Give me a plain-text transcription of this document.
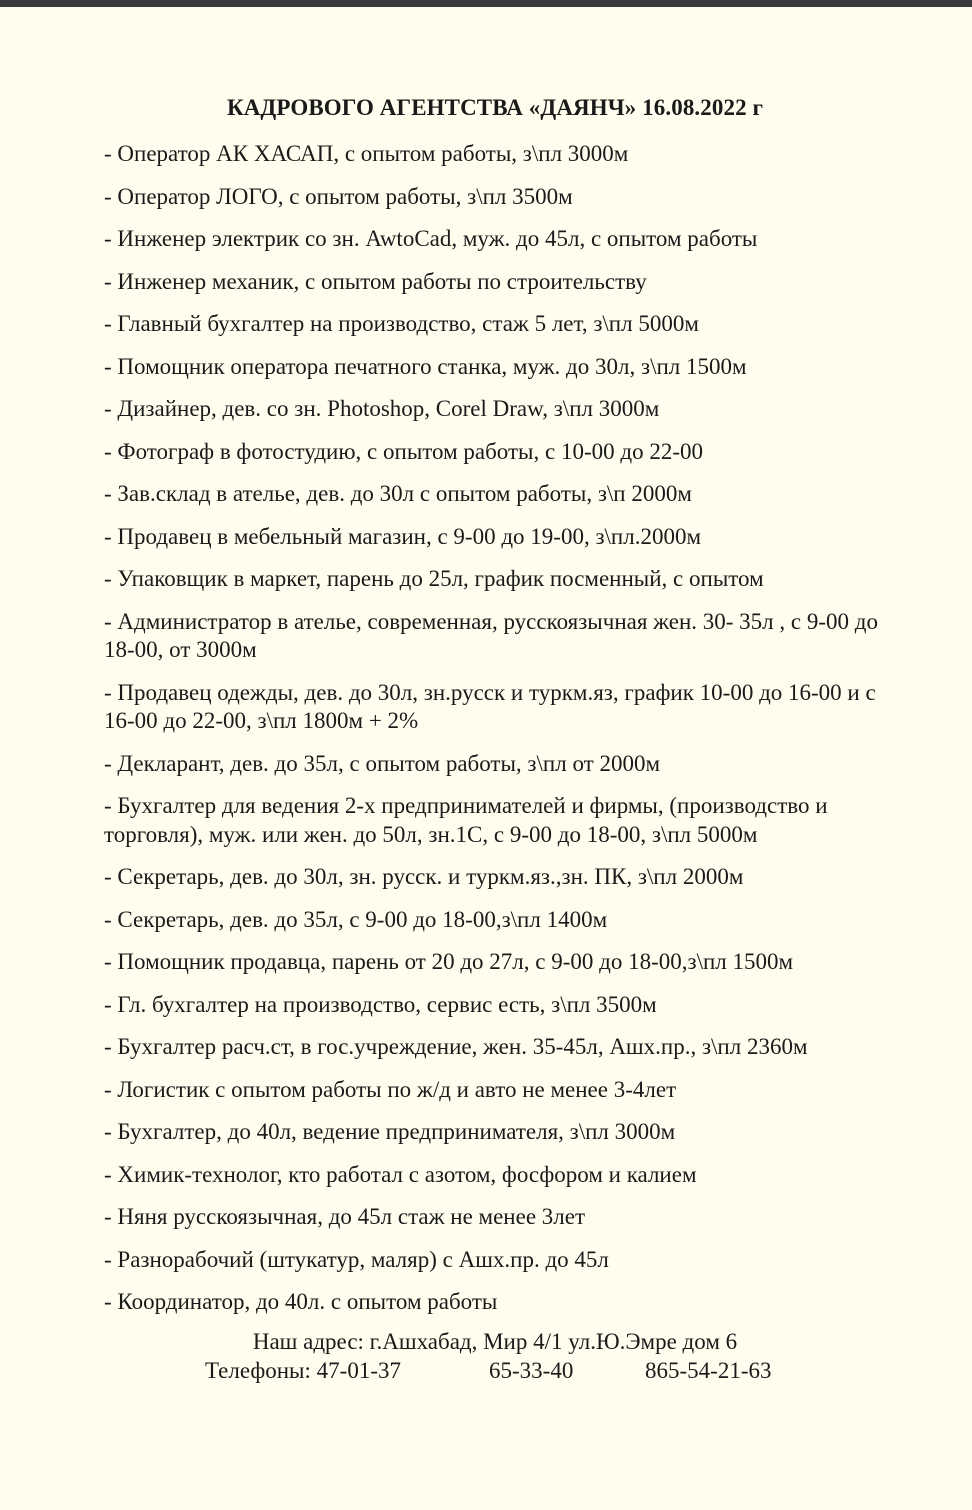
КАДРОВОГО АГЕНТСТВА «ДАЯНЧ» 16.08.2022 г
- Оператор АК ХАСАП, с опытом работы, з\пл 3000м
- Оператор ЛОГО, с опытом работы, з\пл 3500м
- Инженер электрик со зн. AwtoCad, муж. до 45л, с опытом работы
- Инженер механик, с опытом работы по строительству
- Главный бухгалтер на производство, стаж 5 лет, з\пл 5000м
- Помощник оператора печатного станка, муж. до 30л, з\пл 1500м
- Дизайнер, дев. со зн. Photoshop, Corel Draw, з\пл 3000м
- Фотограф в фотостудию, с опытом работы, с 10-00 до 22-00
- Зав.склад в ателье, дев. до 30л с опытом работы, з\п 2000м
- Продавец в мебельный магазин, с 9-00 до 19-00, з\пл.2000м
- Упаковщик в маркет, парень до 25л, график посменный, с опытом
- Администратор в ателье, современная, русскоязычная жен. 30- 35л , с 9-00 до 18-00, от 3000м
- Продавец одежды, дев. до 30л, зн.русск и туркм.яз, график 10-00 до 16-00 и с 16-00 до 22-00, з\пл 1800м + 2%
- Декларант, дев. до 35л, с опытом работы, з\пл от 2000м
- Бухгалтер для ведения 2-х предпринимателей и фирмы, (производство и торговля), муж. или жен. до 50л, зн.1С, с 9-00 до 18-00, з\пл 5000м
- Секретарь, дев. до 30л, зн. русск. и туркм.яз.,зн. ПК, з\пл 2000м
- Секретарь, дев. до 35л, с 9-00 до 18-00,з\пл 1400м
- Помощник продавца, парень от 20 до 27л, с 9-00 до 18-00,з\пл 1500м
- Гл. бухгалтер на производство, сервис есть, з\пл 3500м
- Бухгалтер расч.ст, в гос.учреждение, жен. 35-45л, Ашх.пр., з\пл 2360м
- Логистик с опытом работы по ж/д и авто не менее 3-4лет
- Бухгалтер, до 40л, ведение предпринимателя, з\пл 3000м
- Химик-технолог, кто работал с азотом, фосфором и калием
- Няня русскоязычная, до 45л стаж не менее 3лет
- Разнорабочий (штукатур, маляр) с Ашх.пр. до 45л
- Координатор, до 40л. с опытом работы
Наш адрес: г.Ашхабад, Мир 4/1 ул.Ю.Эмре дом 6
Телефоны: 47-01-37	65-33-40	865-54-21-63
